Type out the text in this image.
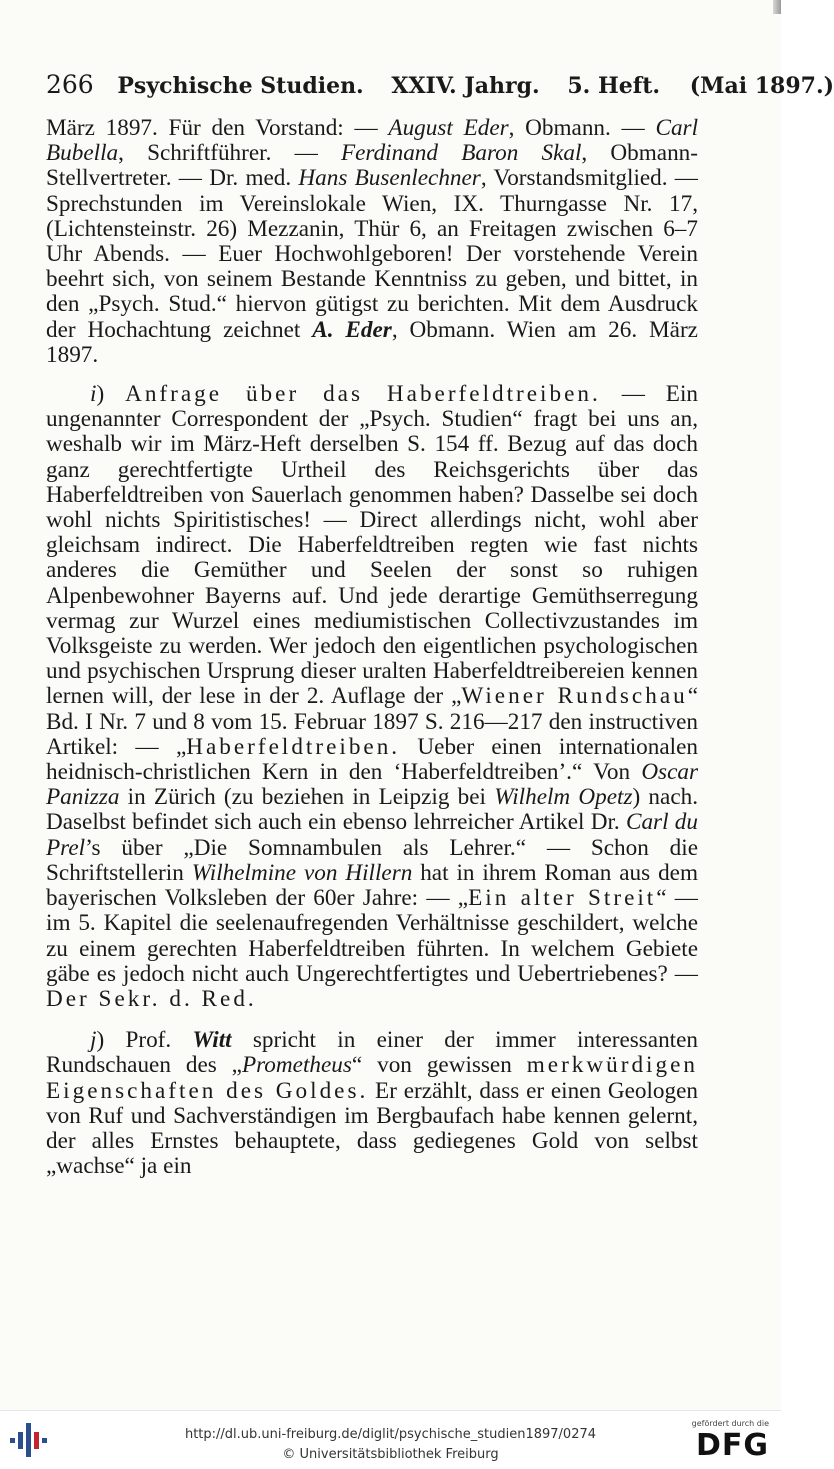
266 Psychische Studien. XXIV. Jahrg. 5. Heft. (Mai 1897.)

März 1897. Für den Vorstand: — August Eder, Obmann. — Carl Bubella, Schriftführer. — Ferdinand Baron Skal, Obmann-Stellvertreter. — Dr. med. Hans Busenlechner, Vorstandsmitglied. — Sprechstunden im Vereinslokale Wien, IX. Thurngasse Nr. 17, (Lichtensteinstr. 26) Mezzanin, Thür 6, an Freitagen zwischen 6–7 Uhr Abends. — Euer Hochwohlgeboren! Der vorstehende Verein beehrt sich, von seinem Bestande Kenntniss zu geben, und bittet, in den „Psych. Stud.“ hiervon gütigst zu berichten. Mit dem Ausdruck der Hochachtung zeichnet A. Eder, Obmann. Wien am 26. März 1897.

i) Anfrage über das Haberfeldtreiben. — Ein ungenannter Correspondent der „Psych. Studien“ fragt bei uns an, weshalb wir im März-Heft derselben S. 154 ff. Bezug auf das doch ganz gerechtfertigte Urtheil des Reichsgerichts über das Haberfeldtreiben von Sauerlach genommen haben? Dasselbe sei doch wohl nichts Spiritistisches! — Direct allerdings nicht, wohl aber gleichsam indirect. Die Haberfeldtreiben regten wie fast nichts anderes die Gemüther und Seelen der sonst so ruhigen Alpenbewohner Bayerns auf. Und jede derartige Gemüthserregung vermag zur Wurzel eines mediumistischen Collectivzustandes im Volksgeiste zu werden. Wer jedoch den eigentlichen psychologischen und psychischen Ursprung dieser uralten Haberfeldtreibereien kennen lernen will, der lese in der 2. Auflage der „Wiener Rundschau“ Bd. I Nr. 7 und 8 vom 15. Februar 1897 S. 216—217 den instructiven Artikel: — „Haberfeldtreiben. Ueber einen internationalen heidnisch-christlichen Kern in den ‘Haberfeldtreiben’.“ Von Oscar Panizza in Zürich (zu beziehen in Leipzig bei Wilhelm Opetz) nach. Daselbst befindet sich auch ein ebenso lehrreicher Artikel Dr. Carl du Prel’s über „Die Somnambulen als Lehrer.“ — Schon die Schriftstellerin Wilhelmine von Hillern hat in ihrem Roman aus dem bayerischen Volksleben der 60er Jahre: — „Ein alter Streit“ — im 5. Kapitel die seelenaufregenden Verhältnisse geschildert, welche zu einem gerechten Haberfeldtreiben führten. In welchem Gebiete gäbe es jedoch nicht auch Ungerechtfertigtes und Uebertriebenes? — Der Sekr. d. Red.

j) Prof. Witt spricht in einer der immer interessanten Rundschauen des „Prometheus“ von gewissen merkwürdigen Eigenschaften des Goldes. Er erzählt, dass er einen Geologen von Ruf und Sachverständigen im Bergbaufach habe kennen gelernt, der alles Ernstes behauptete, dass gediegenes Gold von selbst „wachse“ ja ein

http://dl.ub.uni-freiburg.de/diglit/psychische_studien1897/0274
© Universitätsbibliothek Freiburg
gefördert durch die
DFG
